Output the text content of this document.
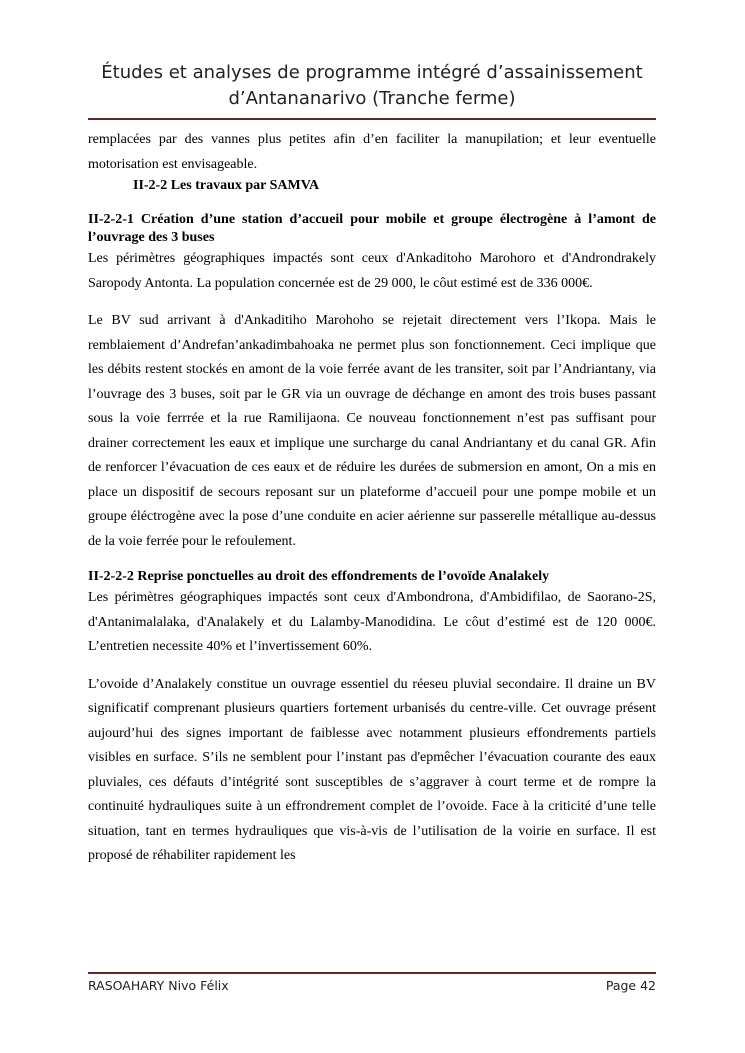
Études et analyses de programme intégré d’assainissement
d’Antananarivo (Tranche ferme)

remplacées par des vannes plus petites afin d’en faciliter la manupilation; et leur eventuelle motorisation est envisageable.

II-2-2 Les travaux par SAMVA

II-2-2-1 Création d’une station d’accueil pour mobile et groupe électrogène à l’amont de l’ouvrage des 3 buses

Les périmètres géographiques impactés sont ceux d'Ankaditoho Marohoro et d'Androndrakely Saropody Antonta. La population concernée est de 29 000, le côut estimé est de 336 000€.

Le BV sud arrivant à d'Ankaditiho Marohoho se rejetait directement vers l’Ikopa. Mais le remblaiement d’Andrefan’ankadimbahoaka ne permet plus son fonctionnement. Ceci implique que les débits restent stockés en amont de la voie ferrée avant de les transiter, soit par l’Andriantany, via l’ouvrage des 3 buses, soit par le GR via un ouvrage de déchange en amont des trois buses passant sous la voie ferrrée et la rue Ramilijaona. Ce nouveau fonctionnement n’est pas suffisant pour drainer correctement les eaux et implique une surcharge du canal Andriantany et du canal GR. Afin de renforcer l’évacuation de ces eaux et de réduire les durées de submersion en amont, On a mis en place un dispositif de secours reposant sur un plateforme d’accueil pour une pompe mobile et un groupe éléctrogène avec la pose d’une conduite en acier aérienne sur passerelle métallique au-dessus de la voie ferrée pour le refoulement.

II-2-2-2 Reprise ponctuelles au droit des effondrements de l’ovoïde Analakely

Les périmètres géographiques impactés sont ceux d'Ambondrona, d'Ambidifilao, de Saorano-2S, d'Antanimalalaka, d'Analakely et du Lalamby-Manodidina. Le côut d’estimé est de 120 000€. L’entretien necessite 40% et l’invertissement 60%.

L’ovoide d’Analakely constitue un ouvrage essentiel du réeseu pluvial secondaire. Il draine un BV significatif comprenant plusieurs quartiers fortement urbanisés du centre-ville. Cet ouvrage présent aujourd’hui des signes important de faiblesse avec notamment plusieurs effondrements partiels visibles en surface. S’ils ne semblent pour l’instant pas d'epmêcher l’évacuation courante des eaux pluviales, ces défauts d’intégrité sont susceptibles de s’aggraver à court terme et de rompre la continuité hydrauliques suite à un effrondrement complet de l’ovoide. Face à la criticité d’une telle situation, tant en termes hydrauliques que vis-à-vis de l’utilisation de la voirie en surface. Il est proposé de réhabiliter rapidement les

RASOAHARY Nivo Félix	Page 42
